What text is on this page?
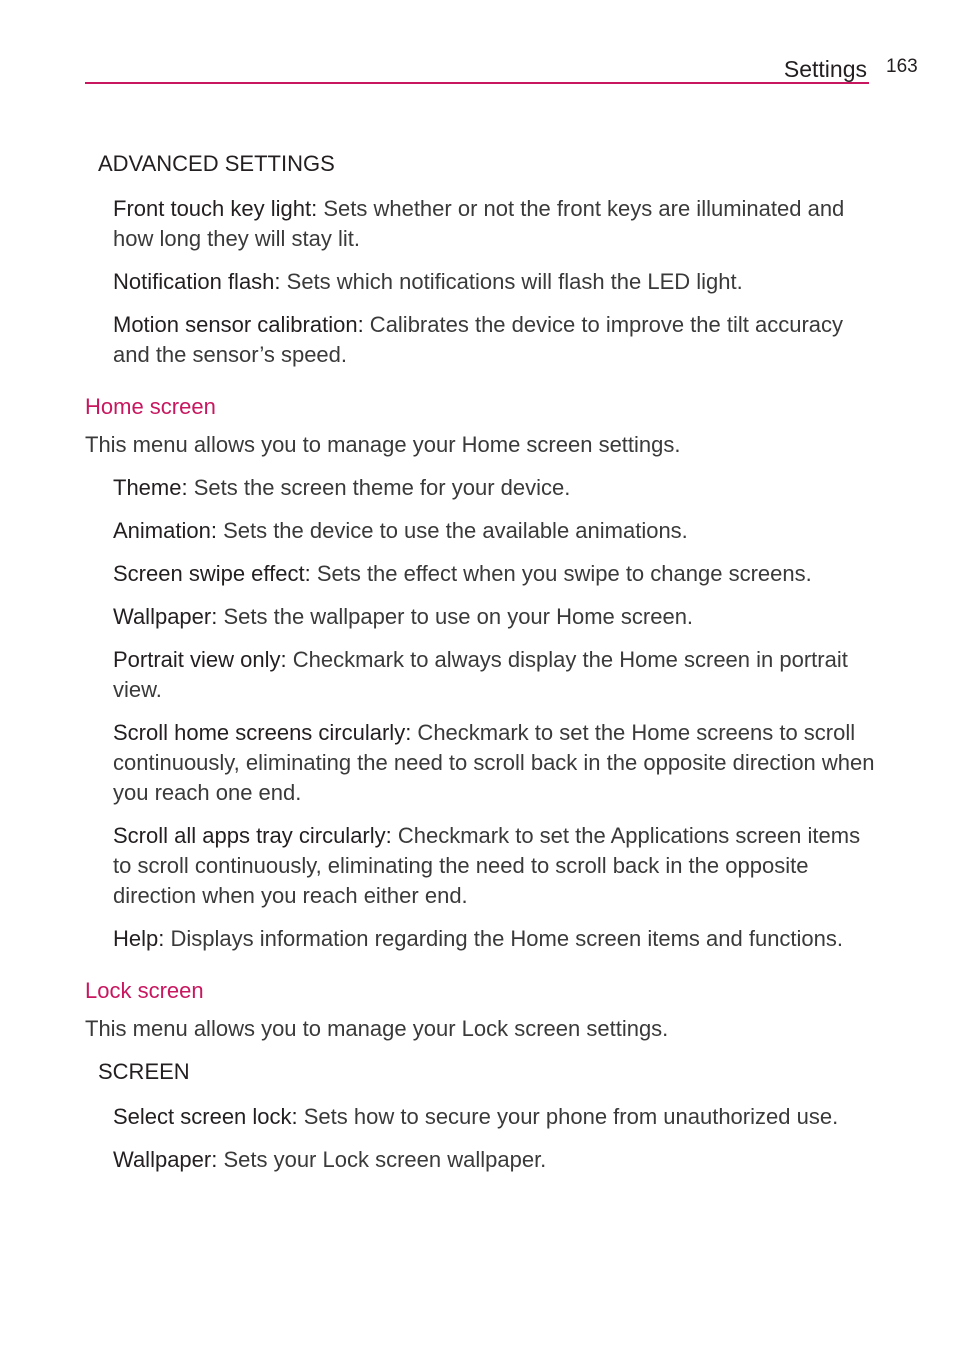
Settings 163
ADVANCED SETTINGS
Front touch key light: Sets whether or not the front keys are illuminated and how long they will stay lit.
Notification flash: Sets which notifications will flash the LED light.
Motion sensor calibration: Calibrates the device to improve the tilt accuracy and the sensor’s speed.
Home screen
This menu allows you to manage your Home screen settings.
Theme: Sets the screen theme for your device.
Animation: Sets the device to use the available animations.
Screen swipe effect: Sets the effect when you swipe to change screens.
Wallpaper: Sets the wallpaper to use on your Home screen.
Portrait view only: Checkmark to always display the Home screen in portrait view.
Scroll home screens circularly: Checkmark to set the Home screens to scroll continuously, eliminating the need to scroll back in the opposite direction when you reach one end.
Scroll all apps tray circularly: Checkmark to set the Applications screen items to scroll continuously, eliminating the need to scroll back in the opposite direction when you reach either end.
Help: Displays information regarding the Home screen items and functions.
Lock screen
This menu allows you to manage your Lock screen settings.
SCREEN
Select screen lock: Sets how to secure your phone from unauthorized use.
Wallpaper: Sets your Lock screen wallpaper.
